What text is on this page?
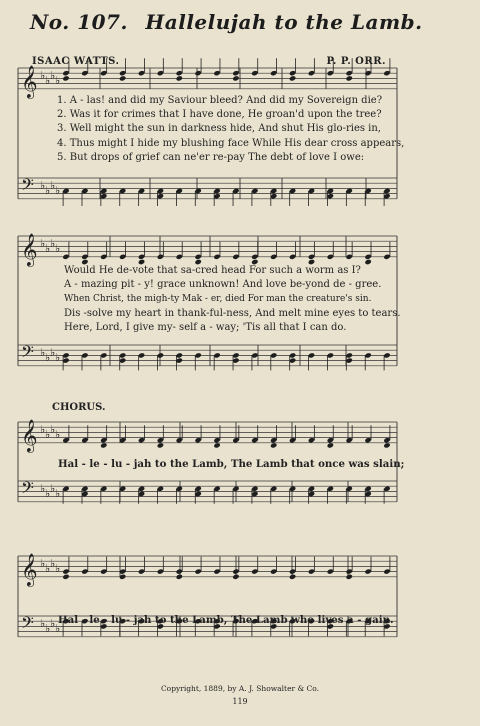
No. 107. Hallelujah to the Lamb.
ISAAC WATTS.	P. P. ORR.
𝄞 ♭ ♭ ♭ ♭
𝄢 ♭ ♭ ♭ ♭
𝄞 ♭ ♭ ♭ ♭
𝄢 ♭ ♭ ♭ ♭
𝄞 ♭ ♭ ♭ ♭
𝄢 ♭ ♭ ♭ ♭
𝄞 ♭ ♭ ♭ ♭
𝄢 ♭ ♭ ♭ ♭
1. A - las! and did my Saviour bleed? And did my Sovereign die?
2. Was it for crimes that I have done, He groan'd upon the tree?
3. Well might the sun in darkness hide, And shut His glo-ries in,
4. Thus might I hide my blushing face While His dear cross appears,
5. But drops of grief can ne'er re-pay The debt of love I owe:
Would He de-vote that sa-cred head For such a worm as I?
A - mazing pit - y! grace unknown! And love be-yond de - gree.
When Christ, the migh-ty Mak - er, died For man the creature's sin.
Dis -solve my heart in thank-ful-ness, And melt mine eyes to tears.
Here, Lord, I give my- self a - way; 'Tis all that I can do.
CHORUS.
Hal - le - lu - jah to the Lamb, The Lamb that once was slain;
Hal - le - lu - jah to the Lamb, The Lamb who lives a - gain.
Copyright, 1889, by A. J. Showalter & Co.
119
